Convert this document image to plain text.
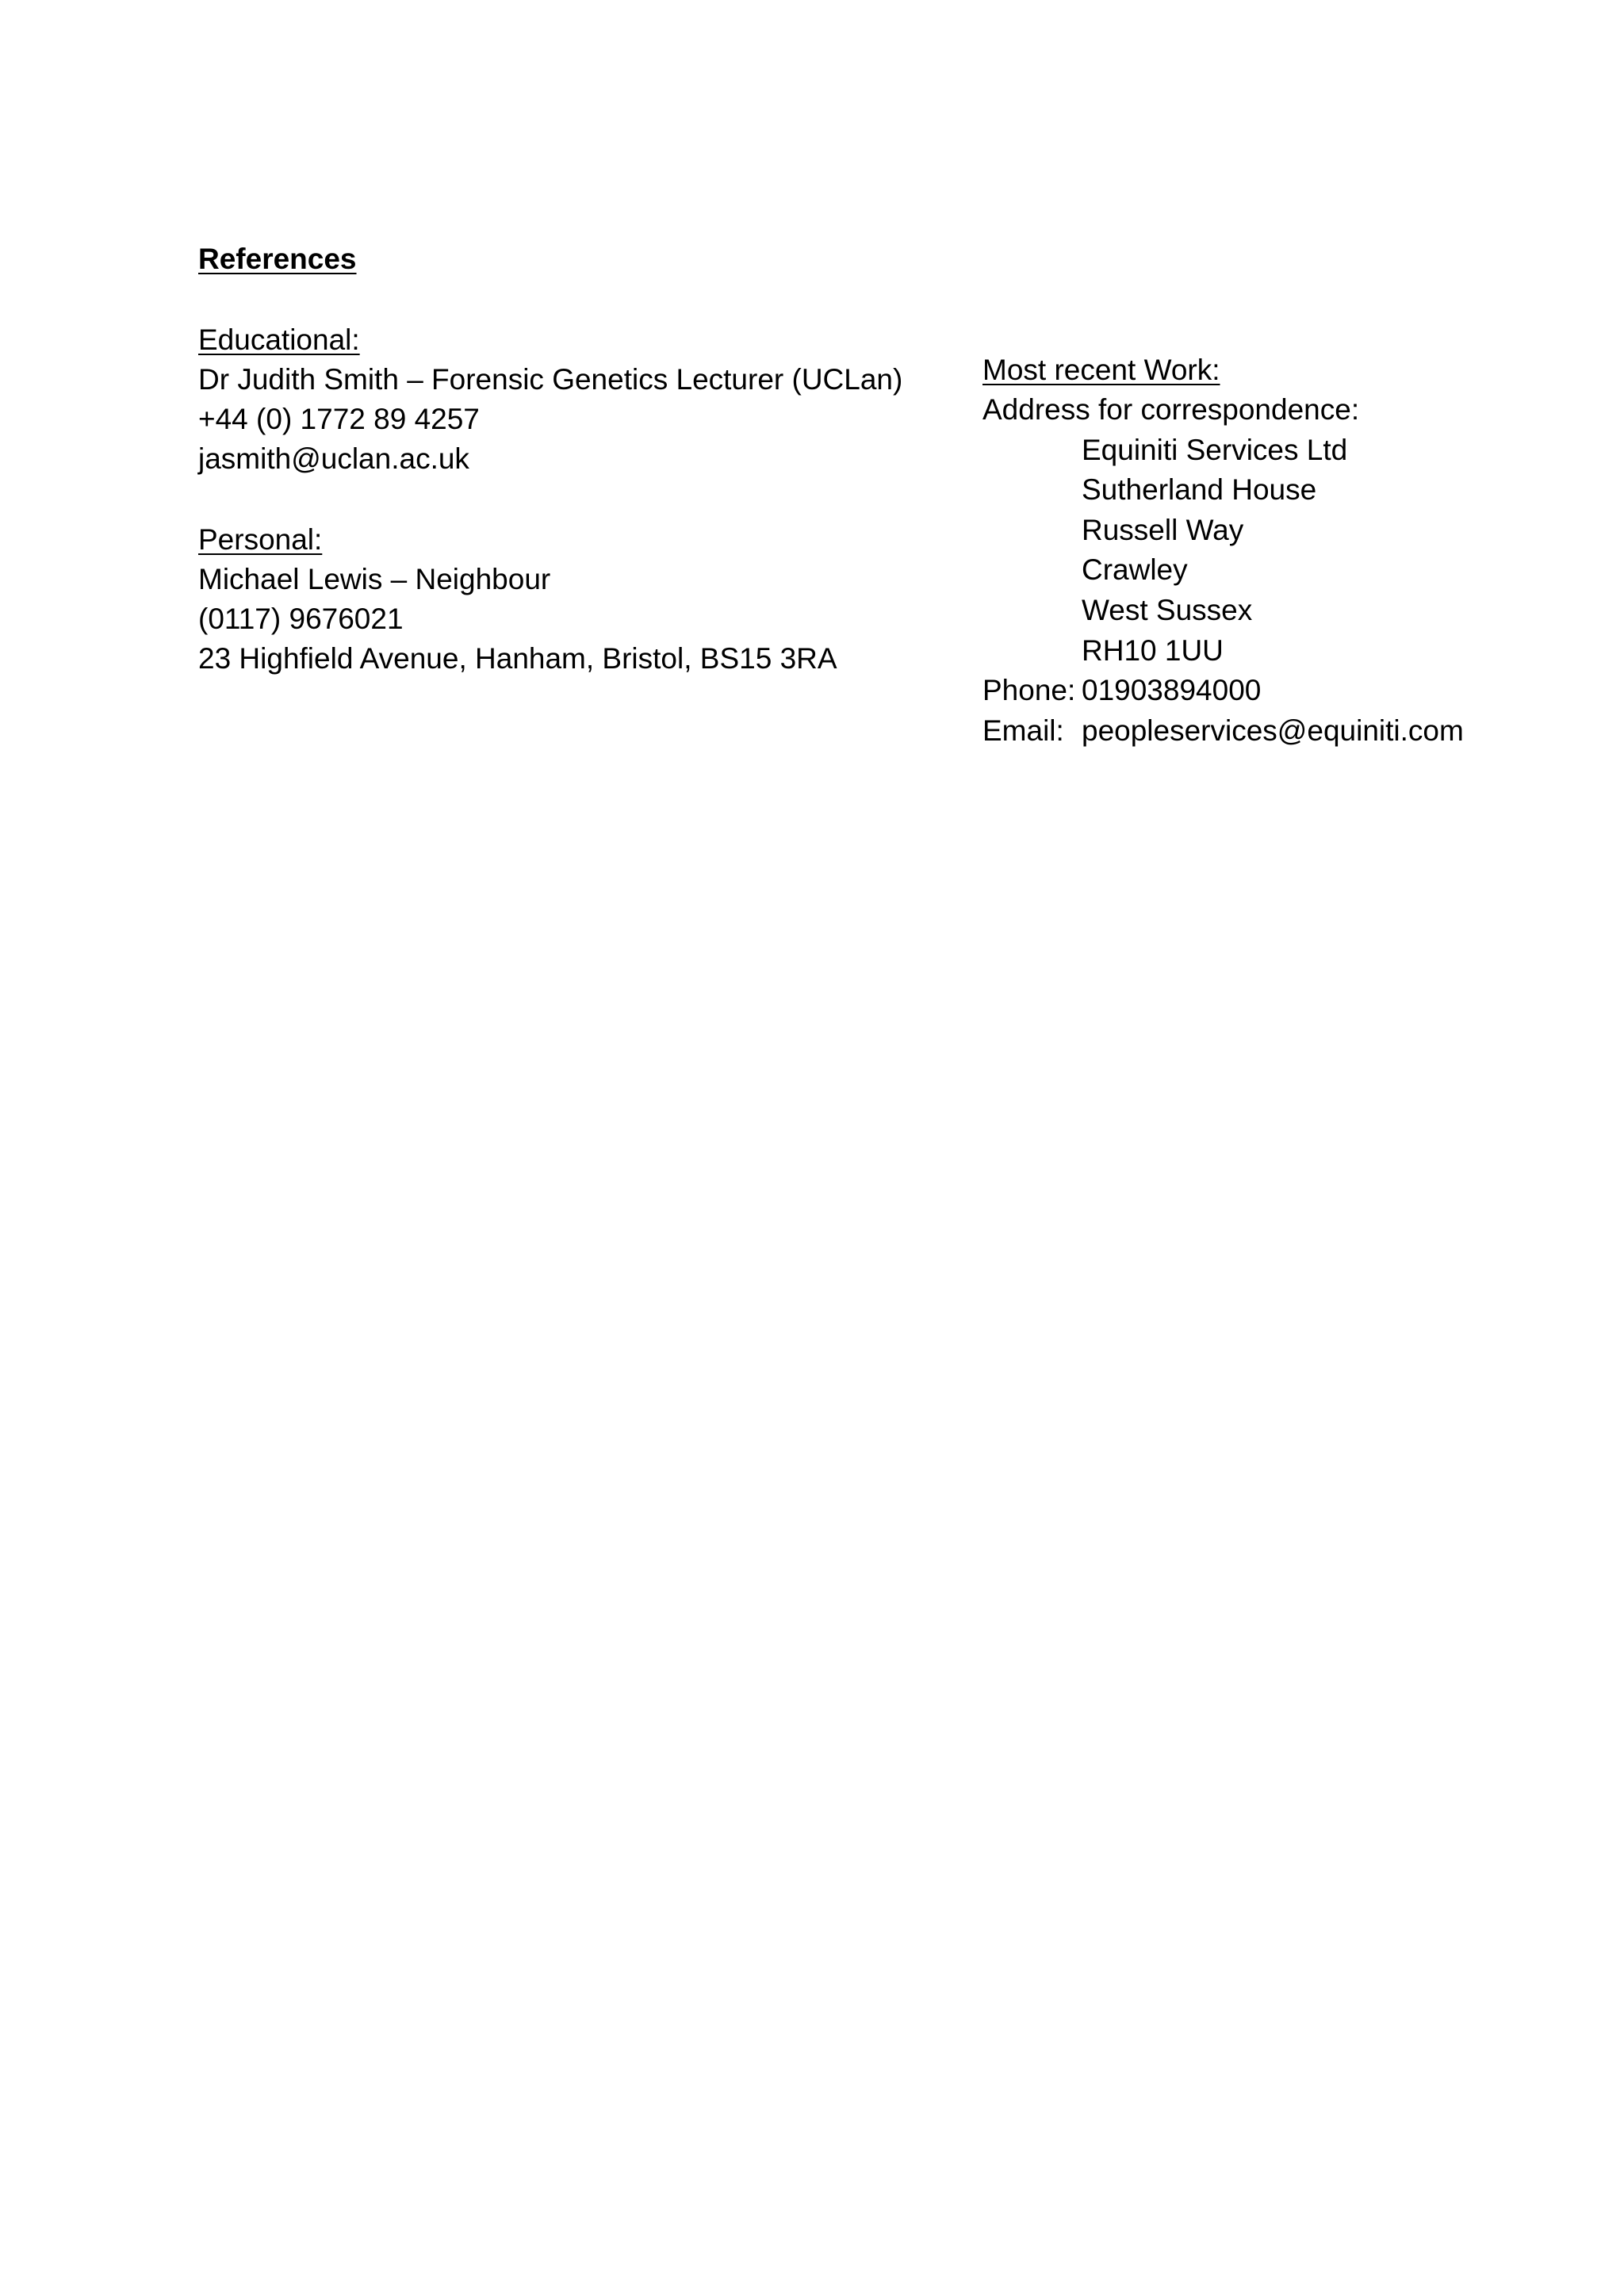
References
Educational:
Dr Judith Smith – Forensic Genetics Lecturer (UCLan)
+44 (0) 1772 89 4257
jasmith@uclan.ac.uk
Personal:
Michael Lewis – Neighbour
(0117) 9676021
23 Highfield Avenue, Hanham, Bristol, BS15 3RA
Most recent Work:
Address for correspondence:
Equiniti Services Ltd
Sutherland House
Russell Way
Crawley
West Sussex
RH10 1UU
Phone: 01903894000
Email: peopleservices@equiniti.com
